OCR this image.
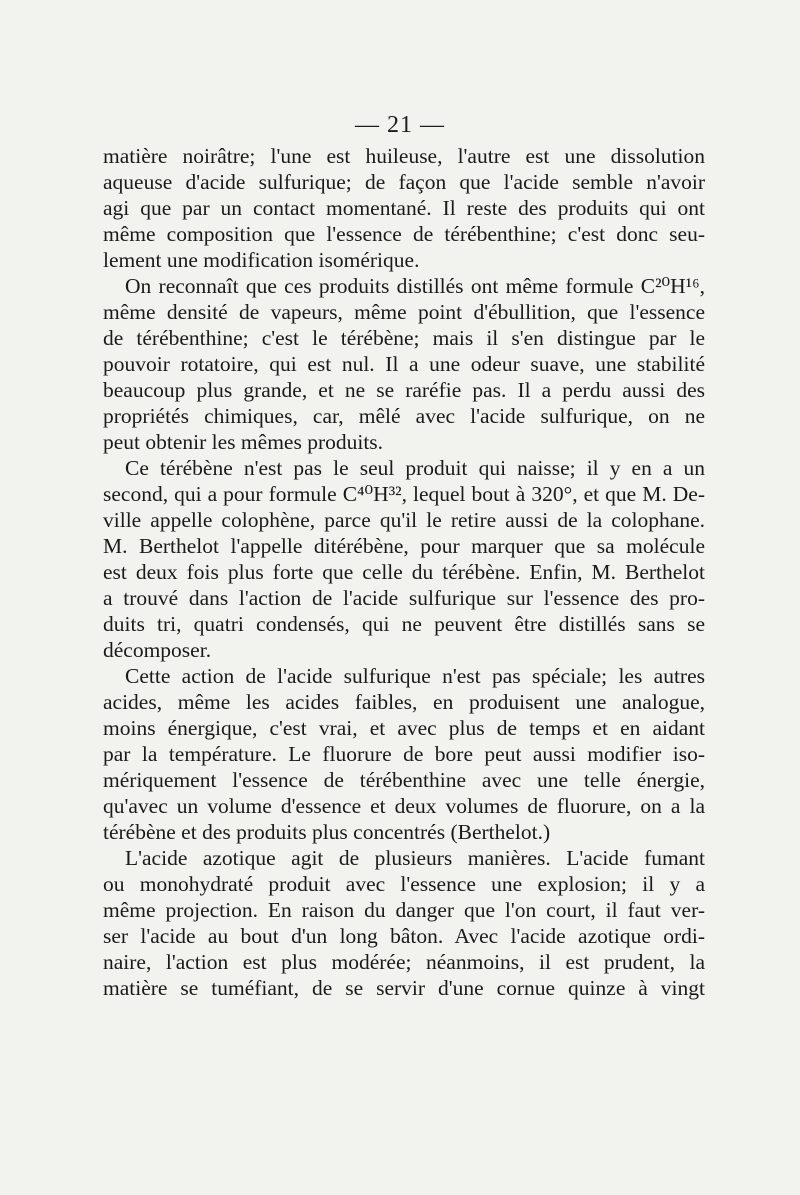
— 21 —

matière noirâtre; l'une est huileuse, l'autre est une dissolution
aqueuse d'acide sulfurique; de façon que l'acide semble n'avoir
agi que par un contact momentané. Il reste des produits qui ont
même composition que l'essence de térébenthine; c'est donc seu-
lement une modification isomérique.

On reconnaît que ces produits distillés ont même formule C²⁰H¹⁶,
même densité de vapeurs, même point d'ébullition, que l'essence
de térébenthine; c'est le térébène; mais il s'en distingue par le
pouvoir rotatoire, qui est nul. Il a une odeur suave, une stabilité
beaucoup plus grande, et ne se raréfie pas. Il a perdu aussi des
propriétés chimiques, car, mêlé avec l'acide sulfurique, on ne
peut obtenir les mêmes produits.

Ce térébène n'est pas le seul produit qui naisse; il y en a un
second, qui a pour formule C⁴⁰H³², lequel bout à 320°, et que M. De-
ville appelle colophène, parce qu'il le retire aussi de la colophane.
M. Berthelot l'appelle ditérébène, pour marquer que sa molécule
est deux fois plus forte que celle du térébène. Enfin, M. Berthelot
a trouvé dans l'action de l'acide sulfurique sur l'essence des pro-
duits tri, quatri condensés, qui ne peuvent être distillés sans se
décomposer.

Cette action de l'acide sulfurique n'est pas spéciale; les autres
acides, même les acides faibles, en produisent une analogue,
moins énergique, c'est vrai, et avec plus de temps et en aidant
par la température. Le fluorure de bore peut aussi modifier iso-
mériquement l'essence de térébenthine avec une telle énergie,
qu'avec un volume d'essence et deux volumes de fluorure, on a la
térébène et des produits plus concentrés (Berthelot.)

L'acide azotique agit de plusieurs manières. L'acide fumant
ou monohydraté produit avec l'essence une explosion; il y a
même projection. En raison du danger que l'on court, il faut ver-
ser l'acide au bout d'un long bâton. Avec l'acide azotique ordi-
naire, l'action est plus modérée; néanmoins, il est prudent, la
matière se tuméfiant, de se servir d'une cornue quinze à vingt
